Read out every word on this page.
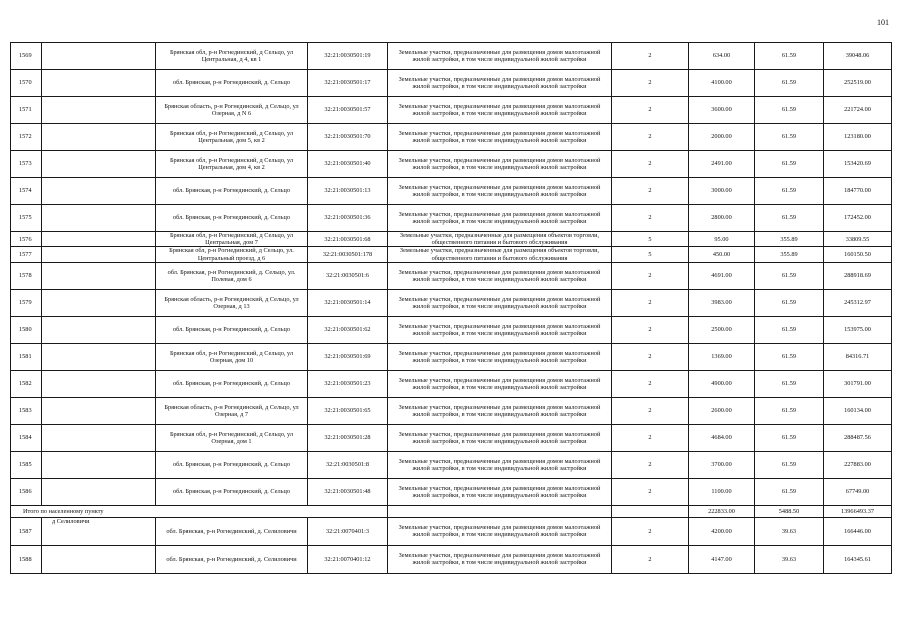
101
1569		Брянская обл, р-н Рогнединский, д Сельцо, ул Центральная, д 4, кв 1	32:21:0030501:19	Земельные участки, предназначенные для размещения домов малоэтажной жилой застройки, в том числе индивидуальной жилой застройки	2	634.00	61.59	39048.06
1570		обл. Брянская, р-н Рогнединский, д. Сельцо	32:21:0030501:17	Земельные участки, предназначенные для размещения домов малоэтажной жилой застройки, в том числе индивидуальной жилой застройки	2	4100.00	61.59	252519.00
1571		Брянская область, р-н Рогнединский, д Сельцо, ул Озерная, д N 6	32:21:0030501:57	Земельные участки, предназначенные для размещения домов малоэтажной жилой застройки, в том числе индивидуальной жилой застройки	2	3600.00	61.59	221724.00
1572		Брянская обл, р-н Рогнединский, д Сельцо, ул Центральная, дом 5, кв 2	32:21:0030501:70	Земельные участки, предназначенные для размещения домов малоэтажной жилой застройки, в том числе индивидуальной жилой застройки	2	2000.00	61.59	123180.00
1573		Брянская обл, р-н Рогнединский, д Сельцо, ул Центральная, дом 4, кв 2	32:21:0030501:40	Земельные участки, предназначенные для размещения домов малоэтажной жилой застройки, в том числе индивидуальной жилой застройки	2	2491.00	61.59	153420.69
1574		обл. Брянская, р-н Рогнединский, д. Сельцо	32:21:0030501:13	Земельные участки, предназначенные для размещения домов малоэтажной жилой застройки, в том числе индивидуальной жилой застройки	2	3000.00	61.59	184770.00
1575		обл. Брянская, р-н Рогнединский, д. Сельцо	32:21:0030501:36	Земельные участки, предназначенные для размещения домов малоэтажной жилой застройки, в том числе индивидуальной жилой застройки	2	2800.00	61.59	172452.00
1576		Брянская обл, р-н Рогнединский, д Сельцо, ул Центральная, дом 7	32:21:0030501:68	Земельные участки, предназначенные для размещения объектов торговли, общественного питания и бытового обслуживания	5	95.00	355.89	33809.55
1577		Брянская обл, р-н Рогнединский, д Сельцо, ул. Центральный проезд, д 6	32:21:0030501:178	Земельные участки, предназначенные для размещения объектов торговли, общественного питания и бытового обслуживания	5	450.00	355.89	160150.50
1578		обл. Брянская, р-н Рогнединский, д. Сельцо, ул. Полевая, дом 6	32:21:0030501:6	Земельные участки, предназначенные для размещения домов малоэтажной жилой застройки, в том числе индивидуальной жилой застройки	2	4691.00	61.59	288918.69
1579		Брянская область, р-н Рогнединский, д Сельцо, ул Озерная, д 13	32:21:0030501:14	Земельные участки, предназначенные для размещения домов малоэтажной жилой застройки, в том числе индивидуальной жилой застройки	2	3983.00	61.59	245312.97
1580		обл. Брянская, р-н Рогнединский, д. Сельцо	32:21:0030501:62	Земельные участки, предназначенные для размещения домов малоэтажной жилой застройки, в том числе индивидуальной жилой застройки	2	2500.00	61.59	153975.00
1581		Брянская обл, р-н Рогнединский, д Сельцо, ул Озерная, дом 10	32:21:0030501:69	Земельные участки, предназначенные для размещения домов малоэтажной жилой застройки, в том числе индивидуальной жилой застройки	2	1369.00	61.59	84316.71
1582		обл. Брянская, р-н Рогнединский, д. Сельцо	32:21:0030501:23	Земельные участки, предназначенные для размещения домов малоэтажной жилой застройки, в том числе индивидуальной жилой застройки	2	4900.00	61.59	301791.00
1583		Брянская область, р-н Рогнединский, д Сельцо, ул Озерная, д 7	32:21:0030501:65	Земельные участки, предназначенные для размещения домов малоэтажной жилой застройки, в том числе индивидуальной жилой застройки	2	2600.00	61.59	160134.00
1584		Брянская обл, р-н Рогнединский, д Сельцо, ул Озерная, дом 1	32:21:0030501:28	Земельные участки, предназначенные для размещения домов малоэтажной жилой застройки, в том числе индивидуальной жилой застройки	2	4684.00	61.59	288487.56
1585		обл. Брянская, р-н Рогнединский, д. Сельцо	32:21:0030501:8	Земельные участки, предназначенные для размещения домов малоэтажной жилой застройки, в том числе индивидуальной жилой застройки	2	3700.00	61.59	227883.00
1586		обл. Брянская, р-н Рогнединский, д. Сельцо	32:21:0030501:48	Земельные участки, предназначенные для размещения домов малоэтажной жилой застройки, в том числе индивидуальной жилой застройки	2	1100.00	61.59	67749.00
Итого по населенному пункту						222833.00	5488.50	13966493.37
1587	д Селиловичи	обл. Брянская, р-н Рогнединский, д. Селиловичи	32:21:0070401:3	Земельные участки, предназначенные для размещения домов малоэтажной жилой застройки, в том числе индивидуальной жилой застройки	2	4200.00	39.63	166446.00
1588		обл. Брянская, р-н Рогнединский, д. Селиловичи	32:21:0070401:12	Земельные участки, предназначенные для размещения домов малоэтажной жилой застройки, в том числе индивидуальной жилой застройки	2	4147.00	39.63	164345.61
